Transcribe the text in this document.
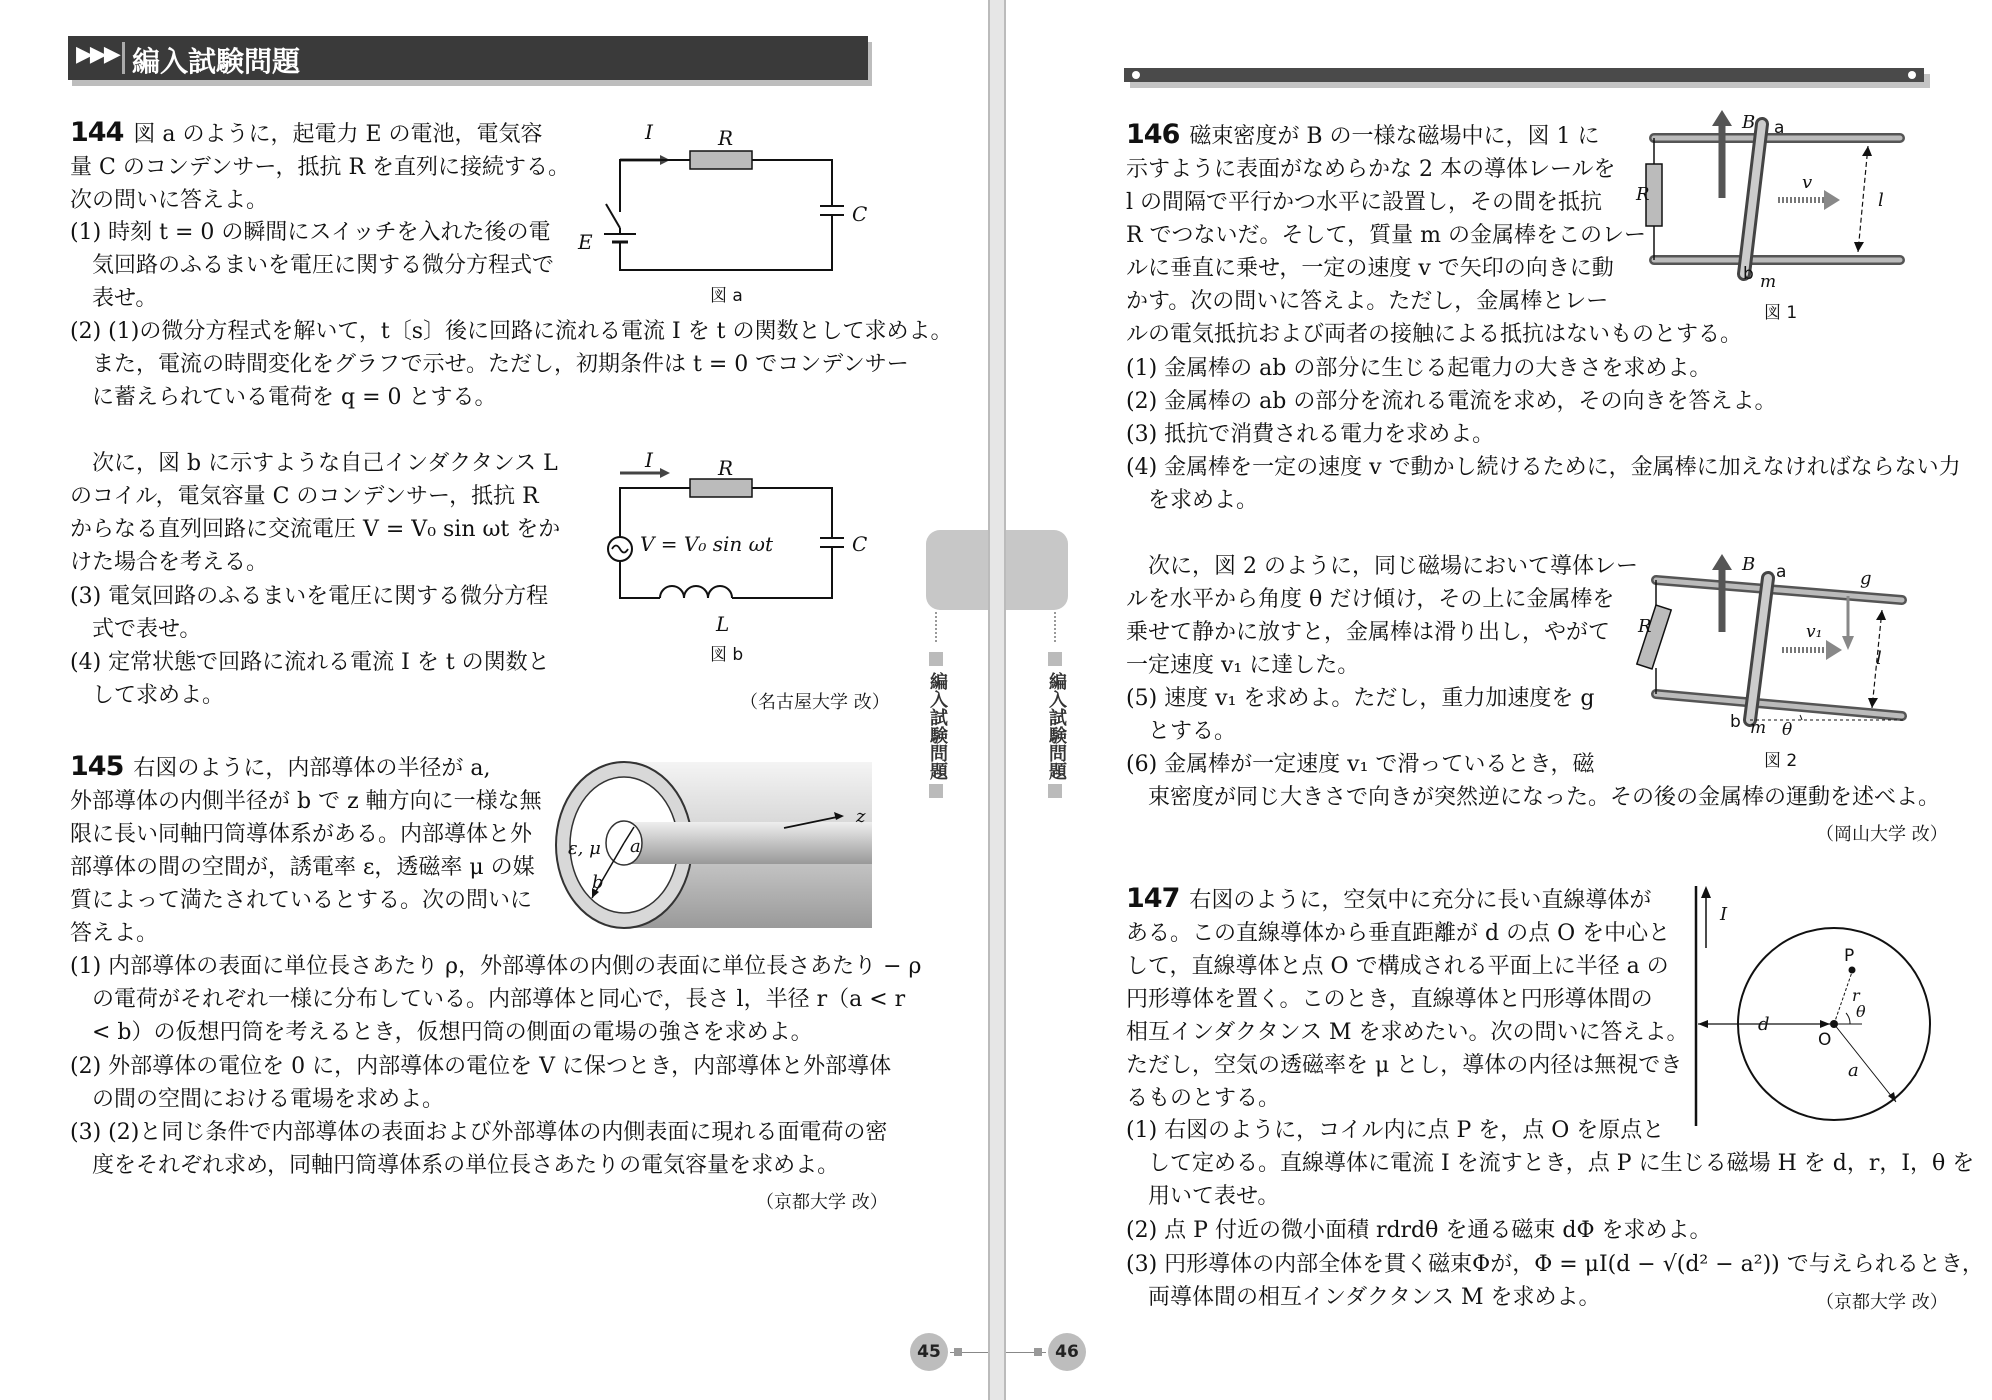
▶▶▶ 編入試験問題
144 図 a のように，起電力 E の電池，電気容
量 C のコンデンサー，抵抗 R を直列に接続する。
次の問いに答えよ。
(1) 時刻 t = 0 の瞬間にスイッチを入れた後の電
気回路のふるまいを電圧に関する微分方程式で
表せ。
(2) (1)の微分方程式を解いて，t〔s〕後に回路に流れる電流 I を t の関数として求めよ。
また，電流の時間変化をグラフで示せ。ただし，初期条件は t = 0 でコンデンサー
に蓄えられている電荷を q = 0 とする。
次に，図 b に示すような自己インダクタンス L
のコイル，電気容量 C のコンデンサー，抵抗 R
からなる直列回路に交流電圧 V = V₀ sin ωt をか
けた場合を考える。
(3) 電気回路のふるまいを電圧に関する微分方程
式で表せ。
(4) 定常状態で回路に流れる電流 I を t の関数と
して求めよ。	（名古屋大学 改）
I	R
C
E
図 a
I	R
V = V₀ sin ωt	C
L
図 b
145 右図のように，内部導体の半径が a,
外部導体の内側半径が b で z 軸方向に一様な無
限に長い同軸円筒導体系がある。内部導体と外
部導体の間の空間が，誘電率 ε，透磁率 μ の媒
質によって満たされているとする。次の問いに
答えよ。
(1) 内部導体の表面に単位長さあたり ρ，外部導体の内側の表面に単位長さあたり − ρ
の電荷がそれぞれ一様に分布している。内部導体と同心で，長さ l，半径 r（a < r
< b）の仮想円筒を考えるとき，仮想円筒の側面の電場の強さを求めよ。
(2) 外部導体の電位を 0 に，内部導体の電位を V に保つとき，内部導体と外部導体
の間の空間における電場を求めよ。
(3) (2)と同じ条件で内部導体の表面および外部導体の内側表面に現れる面電荷の密
度をそれぞれ求め，同軸円筒導体系の単位長さあたりの電気容量を求めよ。
（京都大学 改）
ε, μ a
b
z
編入試験問題
45
編入試験問題
146 磁束密度が B の一様な磁場中に，図 1 に
示すように表面がなめらかな 2 本の導体レールを
l の間隔で平行かつ水平に設置し，その間を抵抗
R でつないだ。そして，質量 m の金属棒をこのレー
ルに垂直に乗せ，一定の速度 v で矢印の向きに動
かす。次の問いに答えよ。ただし，金属棒とレー
ルの電気抵抗および両者の接触による抵抗はないものとする。
(1) 金属棒の ab の部分に生じる起電力の大きさを求めよ。
(2) 金属棒の ab の部分を流れる電流を求め，その向きを答えよ。
(3) 抵抗で消費される電力を求めよ。
(4) 金属棒を一定の速度 v で動かし続けるために，金属棒に加えなければならない力
を求めよ。
次に，図 2 のように，同じ磁場において導体レー
ルを水平から角度 θ だけ傾け，その上に金属棒を
乗せて静かに放すと，金属棒は滑り出し，やがて
一定速度 v₁ に達した。
(5) 速度 v₁ を求めよ。ただし，重力加速度を g
とする。
(6) 金属棒が一定速度 v₁ で滑っているとき，磁
束密度が同じ大きさで向きが突然逆になった。その後の金属棒の運動を述べよ。
（岡山大学 改）
B a
R
v
l
b m
図 1
B a	g
R	v₁
l
b m θ
図 2
147 右図のように，空気中に充分に長い直線導体が
ある。この直線導体から垂直距離が d の点 O を中心と
して，直線導体と点 O で構成される平面上に半径 a の
円形導体を置く。このとき，直線導体と円形導体間の
相互インダクタンス M を求めたい。次の問いに答えよ。
ただし，空気の透磁率を μ とし，導体の内径は無視でき
るものとする。
(1) 右図のように，コイル内に点 P を，点 O を原点と
して定める。直線導体に電流 I を流すとき，点 P に生じる磁場 H を d，r，I，θ を
用いて表せ。
(2) 点 P 付近の微小面積 rdrdθ を通る磁束 dΦ を求めよ。
(3) 円形導体の内部全体を貫く磁束Φが，Φ = μI(d − √(d² − a²)) で与えられるとき，
両導体間の相互インダクタンス M を求めよ。	（京都大学 改）
I
P
r
θ
d
O
a
46
